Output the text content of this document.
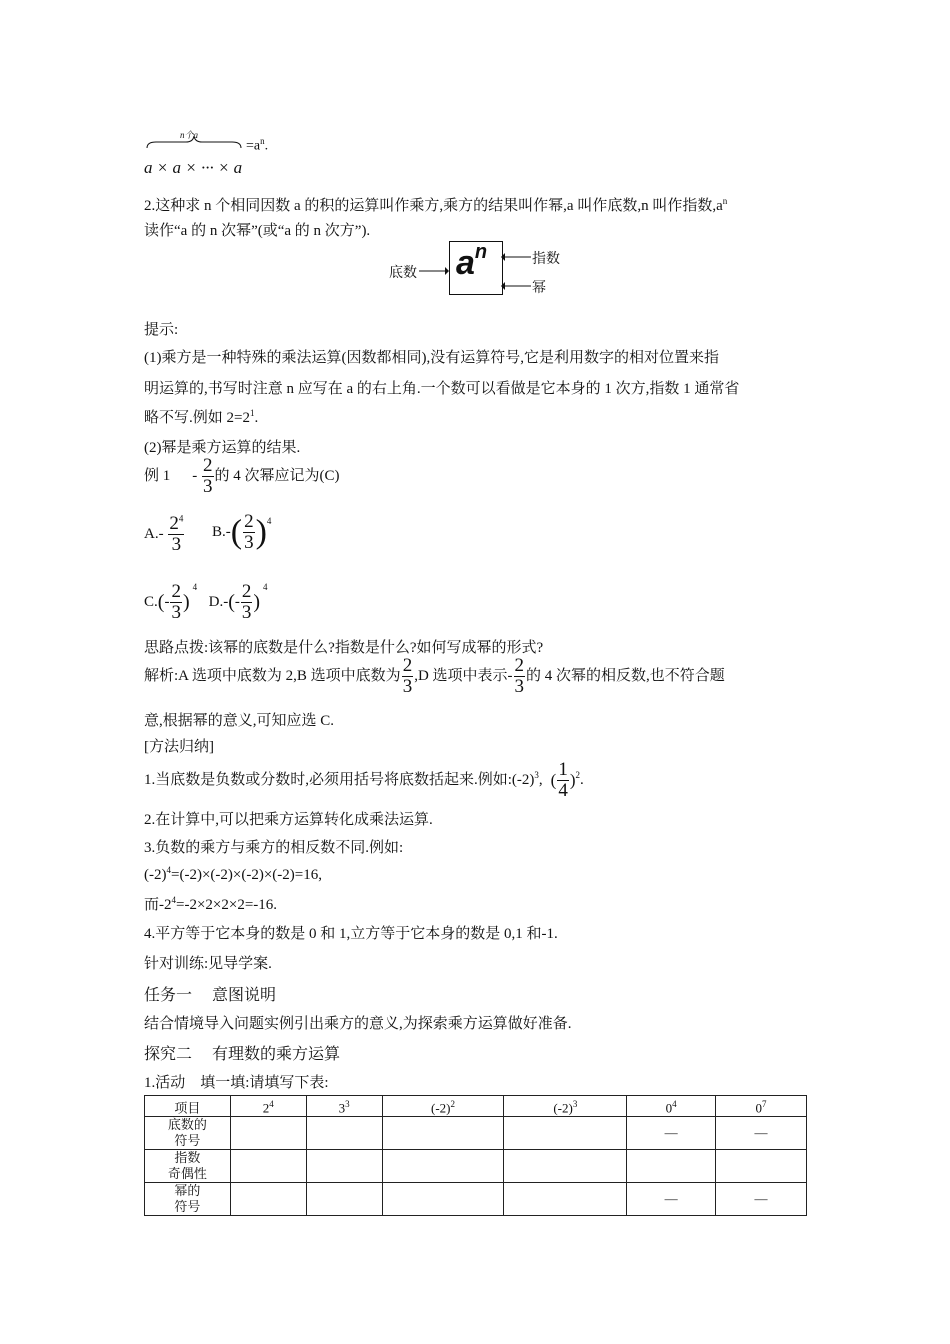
n个a
$=a^n$.
a × a × ··· × a
2.这种求 n 个相同因数 a 的积的运算叫作乘方,乘方的结果叫作幂,a 叫作底数,n 叫作指数$,a^n$
读作“a 的 n 次幂”(或“a 的 n 次方”).
底数 $a^n$	指数
幂
提示:
(1)乘方是一种特殊的乘法运算(因数都相同),没有运算符号,它是利用数字的相对位置来指
明运算的,书写时注意 n 应写在 a 的右上角.一个数可以看做是它本身的 1 次方,指数 1 通常省
略不写.例如 $2=2^1$.
(2)幂是乘方运算的结果.
例 $1 - \frac{2}{3}$ 的 4 次幂应记为(C)
$A.- \frac{2^4}{3} B.-( \frac{2}{3} )^4$
$C.(- \frac{2}{3} )^4$  $D.-(- \frac{2}{3} )^4$
思路点拨:该幂的底数是什么?指数是什么?如何写成幂的形式?
解析:A 选项中底数为 2,B 选项中底数为 $\frac{2}{3} ,D$ 选项中表示- $\frac{2}{3}$ 的 4 次幂的相反数,也不符合题
意,根据幂的意义,可知应选 C.
[方法归纳]
1.当底数是负数或分数时,必须用括号将底数括起来.例如$:(-2)^3$, ( $\frac{1}{4} )^2$.
2.在计算中,可以把乘方运算转化成乘法运算.
3.负数的乘方与乘方的相反数不同.例如:
$(-2)^4=(-2)\times(-2)\times(-2)\times(-2)=16$,
而$-2^4=-2\times 2\times 2\times 2=-16$.
4.平方等于它本身的数是 0 和 1,立方等于它本身的数是 0,1 和-1.
针对训练:见导学案.
任务一　 意图说明
结合情境导入问题实例引出乘方的意义,为探索乘方运算做好准备.
探究二　 有理数的乘方运算
1.活动　填一填:请填写下表:
项目	$2^4$	$3^3$	$(-2)^2$	$(-2)^3$	$0^4$	$0^7$
底数的
符号					—	—
指数
奇偶性						
幂的
符号					—	—
